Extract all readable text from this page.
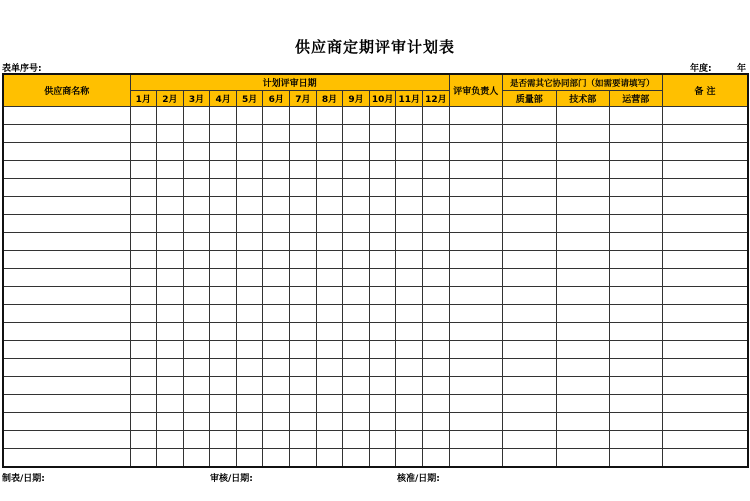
供应商定期评审计划表
表单序号:	年度:	年
供应商名称	计划评审日期												评审负责人	是否需其它协同部门（如需要请填写）			备 注
	1月	2月	3月	4月	5月	6月	7月	8月	9月	10月	11月	12月		质量部	技术部	运营部	

制表/日期:	审核/日期:	核准/日期:
